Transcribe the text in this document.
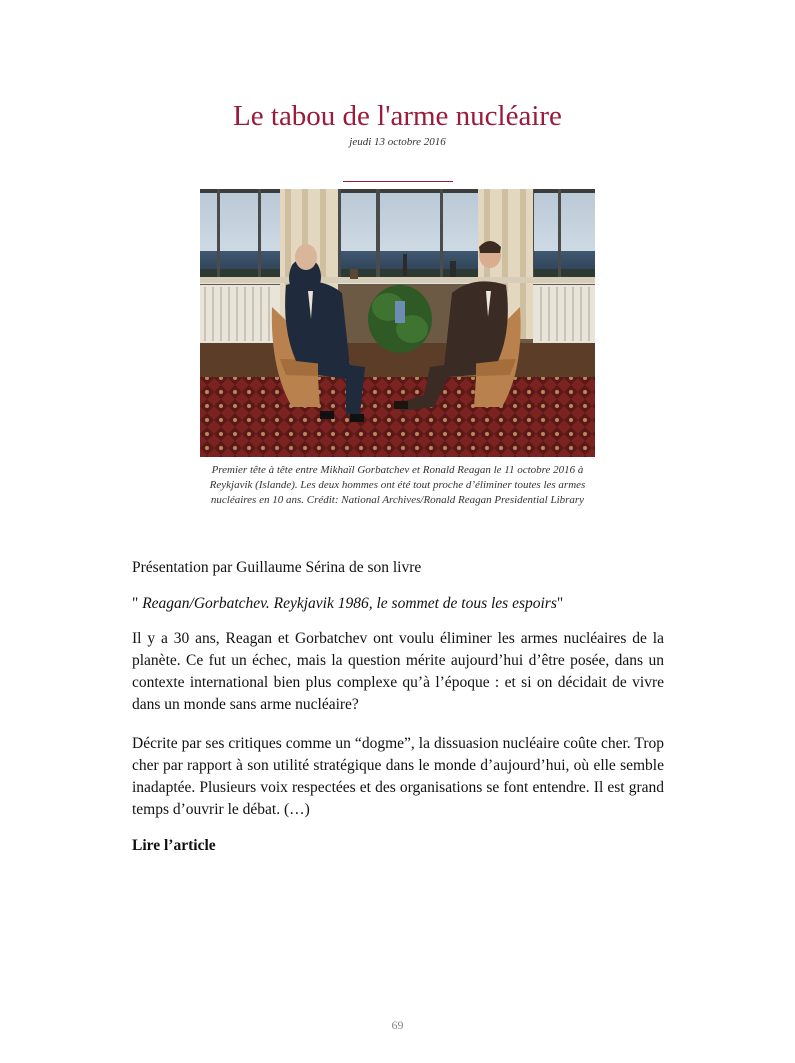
Le tabou de l'arme nucléaire
jeudi 13 octobre 2016
Premier tête à tête entre Mikhaïl Gorbatchev et Ronald Reagan le 11 octobre 2016 à Reykjavik (Islande). Les deux hommes ont été tout proche d’éliminer toutes les armes nucléaires en 10 ans. Crédit: National Archives/Ronald Reagan Presidential Library

Présentation par Guillaume Sérina de son livre

" Reagan/Gorbatchev. Reykjavik 1986, le sommet de tous les espoirs"

Il y a 30 ans, Reagan et Gorbatchev ont voulu éliminer les armes nucléaires de la planète. Ce fut un échec, mais la question mérite aujourd’hui d’être posée, dans un contexte international bien plus complexe qu’à l’époque : et si on décidait de vivre dans un monde sans arme nucléaire?

Décrite par ses critiques comme un “dogme”, la dissuasion nucléaire coûte cher. Trop cher par rapport à son utilité stratégique dans le monde d’aujourd’hui, où elle semble inadaptée. Plusieurs voix respectées et des organisations se font entendre. Il est grand temps d’ouvrir le débat. (…)

Lire l’article

69
